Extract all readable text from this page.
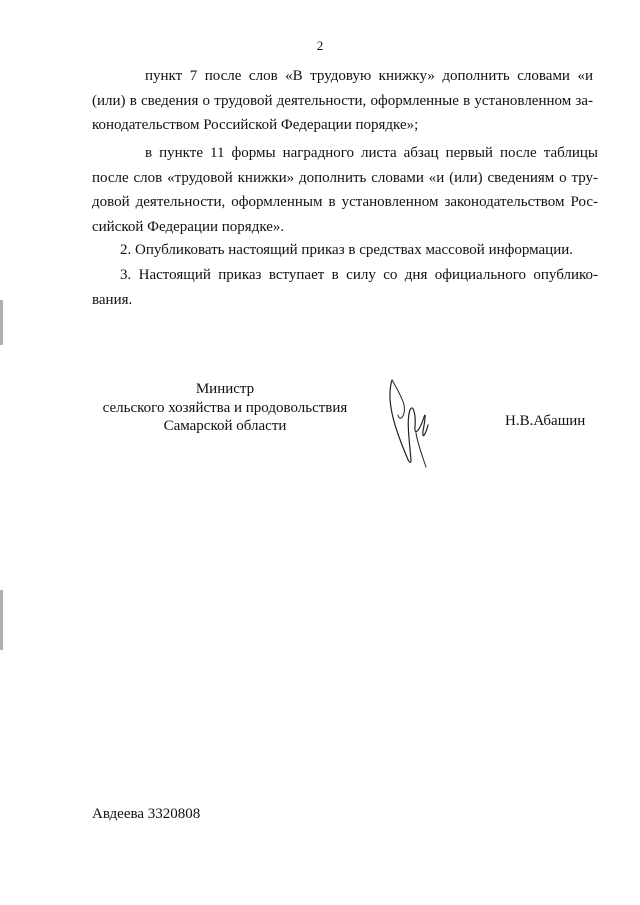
2
пункт 7 после слов «В трудовую книжку» дополнить словами «и
(или) в сведения о трудовой деятельности, оформленные в установленном за-
конодательством Российской Федерации порядке»;
в пункте 11 формы наградного листа абзац первый после таблицы
после слов «трудовой книжки» дополнить словами «и (или) сведениям о тру-
довой деятельности, оформленным в установленном законодательством Рос-
сийской Федерации порядке».
2. Опубликовать настоящий приказ в средствах массовой информации.
3. Настоящий приказ вступает в силу со дня официального опублико-
вания.
Министр
сельского хозяйства и продовольствия
Самарской области	Н.В.Абашин
Авдеева 3320808
